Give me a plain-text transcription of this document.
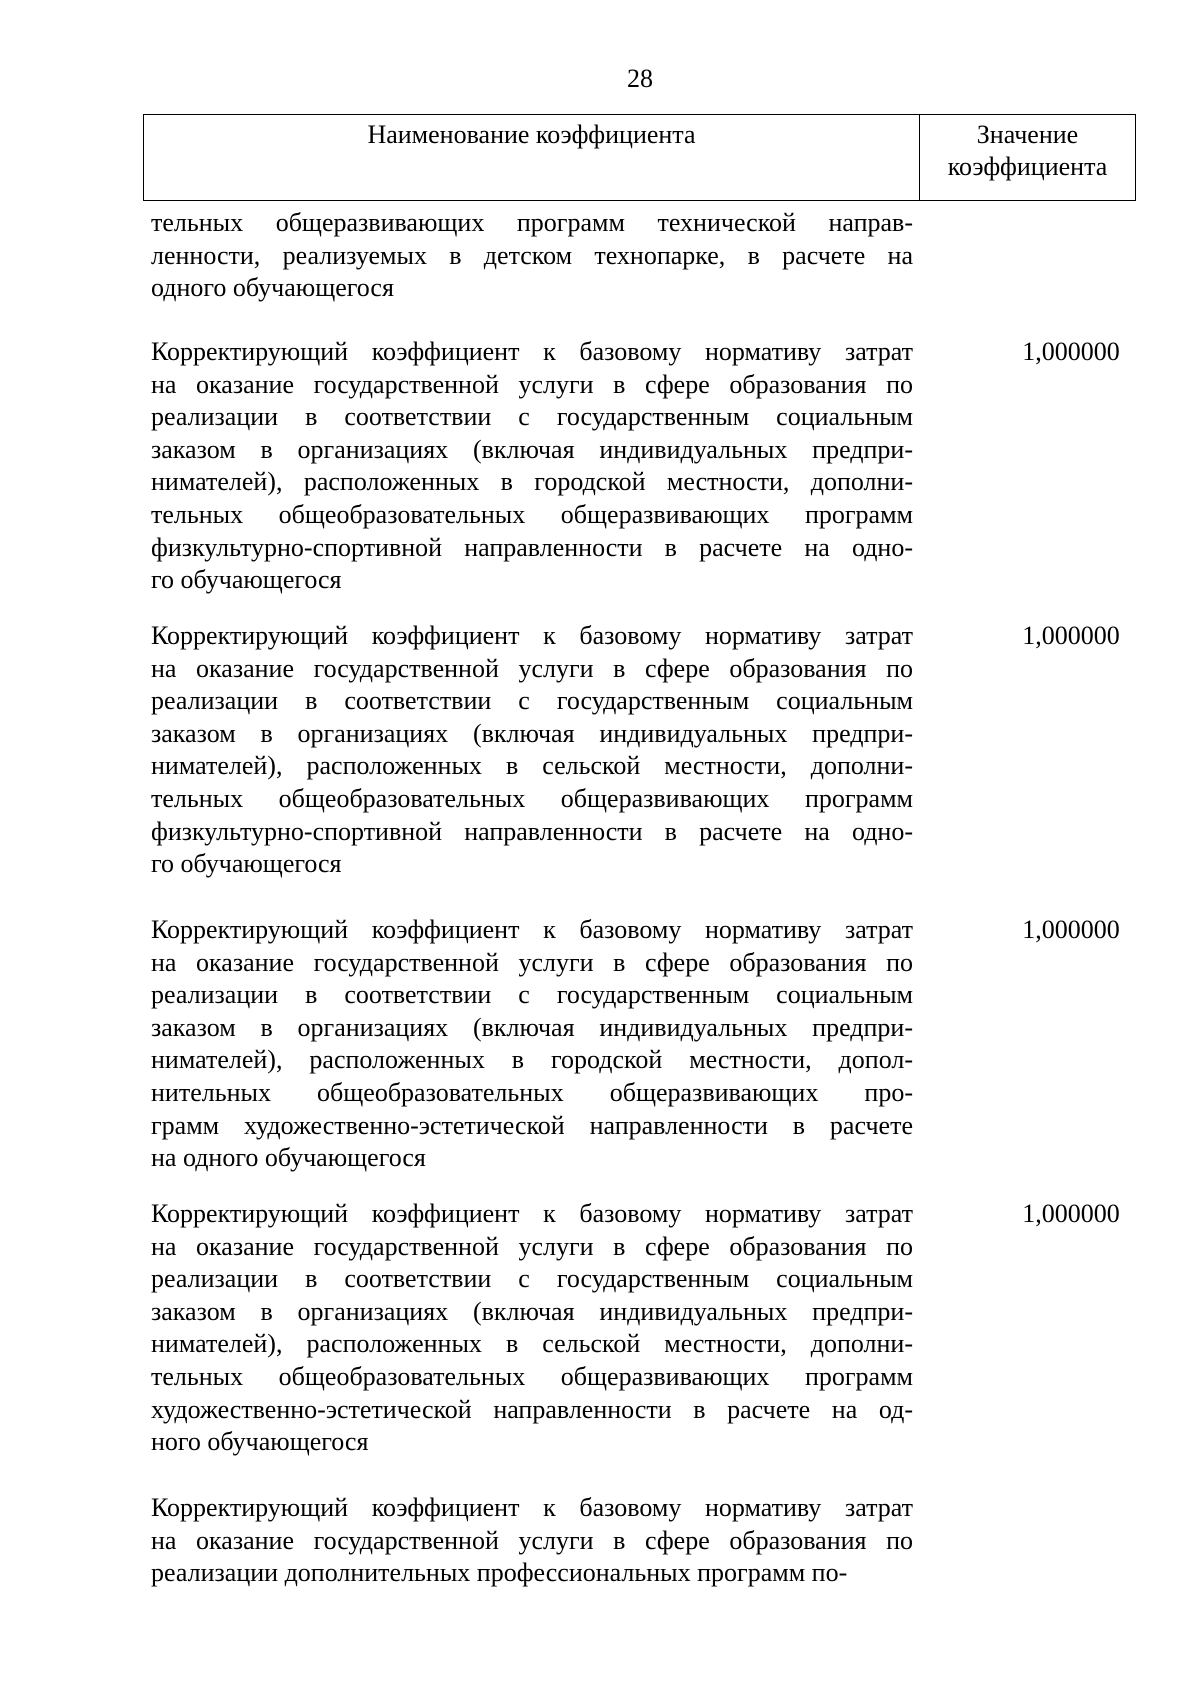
28
Наименование коэффициента	Значение
коэффициента
тельных общеразвивающих программ технической направ-
ленности, реализуемых в детском технопарке, в расчете на
одного обучающегося
Корректирующий коэффициент к базовому нормативу затрат
на оказание государственной услуги в сфере образования по
реализации в соответствии с государственным социальным
заказом в организациях (включая индивидуальных предпри-
нимателей), расположенных в городской местности, дополни-
тельных общеобразовательных общеразвивающих программ
физкультурно-спортивной направленности в расчете на одно-
го обучающегося
1,000000
Корректирующий коэффициент к базовому нормативу затрат
на оказание государственной услуги в сфере образования по
реализации в соответствии с государственным социальным
заказом в организациях (включая индивидуальных предпри-
нимателей), расположенных в сельской местности, дополни-
тельных общеобразовательных общеразвивающих программ
физкультурно-спортивной направленности в расчете на одно-
го обучающегося
1,000000
Корректирующий коэффициент к базовому нормативу затрат
на оказание государственной услуги в сфере образования по
реализации в соответствии с государственным социальным
заказом в организациях (включая индивидуальных предпри-
нимателей), расположенных в городской местности, допол-
нительных общеобразовательных общеразвивающих про-
грамм художественно-эстетической направленности в расчете
на одного обучающегося
1,000000
Корректирующий коэффициент к базовому нормативу затрат
на оказание государственной услуги в сфере образования по
реализации в соответствии с государственным социальным
заказом в организациях (включая индивидуальных предпри-
нимателей), расположенных в сельской местности, дополни-
тельных общеобразовательных общеразвивающих программ
художественно-эстетической направленности в расчете на од-
ного обучающегося
1,000000
Корректирующий коэффициент к базовому нормативу затрат
на оказание государственной услуги в сфере образования по
реализации дополнительных профессиональных программ по-
